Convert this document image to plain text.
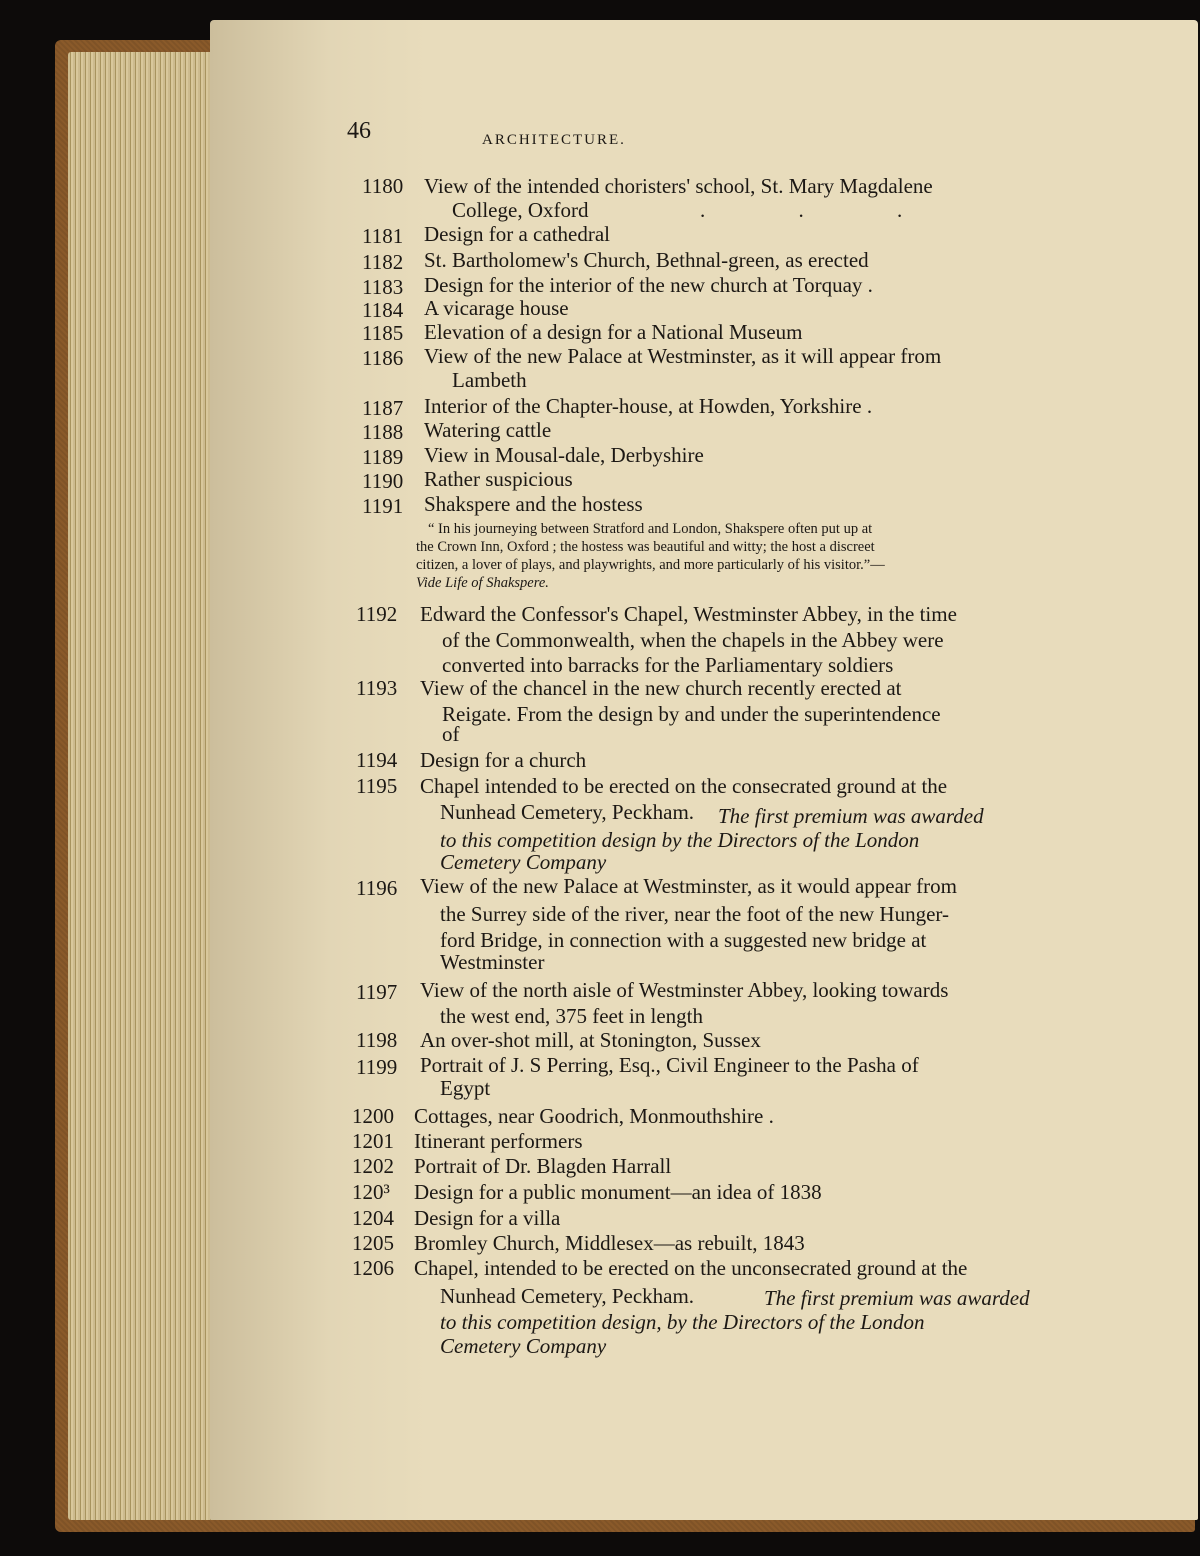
46	ARCHITECTURE.
1180 View of the intended choristers' school, St. Mary Magdalene
College, Oxford	. . .
1181 Design for a cathedral
1182 St. Bartholomew's Church, Bethnal-green, as erected
1183 Design for the interior of the new church at Torquay .
1184 A vicarage house
1185 Elevation of a design for a National Museum
1186 View of the new Palace at Westminster, as it will appear from
Lambeth
1187 Interior of the Chapter-house, at Howden, Yorkshire .
1188 Watering cattle
1189 View in Mousal-dale, Derbyshire
1190 Rather suspicious
1191 Shakspere and the hostess
“ In his journeying between Stratford and London, Shakspere often put up at
the Crown Inn, Oxford ; the hostess was beautiful and witty; the host a discreet
citizen, a lover of plays, and playwrights, and more particularly of his visitor.”—
Vide Life of Shakspere.
1192 Edward the Confessor's Chapel, Westminster Abbey, in the time
of the Commonwealth, when the chapels in the Abbey were
converted into barracks for the Parliamentary soldiers
1193 View of the chancel in the new church recently erected at
Reigate. From the design by and under the superintendence
of
1194 Design for a church
1195 Chapel intended to be erected on the consecrated ground at the
Nunhead Cemetery, Peckham. The first premium was awarded
to this competition design by the Directors of the London
Cemetery Company
1196 View of the new Palace at Westminster, as it would appear from
the Surrey side of the river, near the foot of the new Hunger-
ford Bridge, in connection with a suggested new bridge at
Westminster
1197 View of the north aisle of Westminster Abbey, looking towards
the west end, 375 feet in length
1198 An over-shot mill, at Stonington, Sussex
1199 Portrait of J. S Perring, Esq., Civil Engineer to the Pasha of
Egypt
1200 Cottages, near Goodrich, Monmouthshire .
1201 Itinerant performers
1202 Portrait of Dr. Blagden Harrall
120³ Design for a public monument—an idea of 1838
1204 Design for a villa
1205 Bromley Church, Middlesex—as rebuilt, 1843
1206 Chapel, intended to be erected on the unconsecrated ground at the
Nunhead Cemetery, Peckham.	The first premium was awarded
to this competition design, by the Directors of the London
Cemetery Company
